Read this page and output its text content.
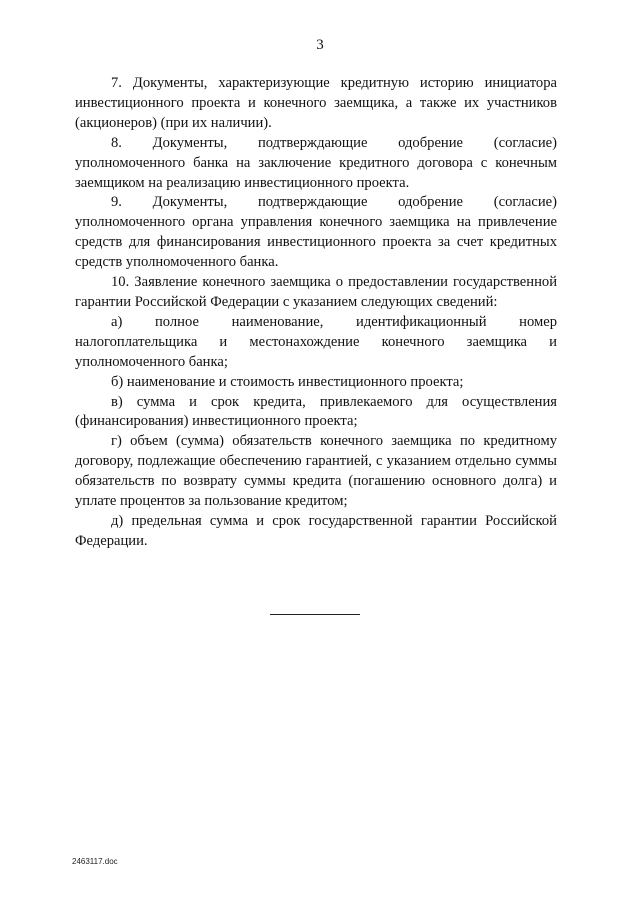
3

7. Документы, характеризующие кредитную историю инициатора инвестиционного проекта и конечного заемщика, а также их участников (акционеров) (при их наличии).

8. Документы, подтверждающие одобрение (согласие) уполномоченного банка на заключение кредитного договора с конечным заемщиком на реализацию инвестиционного проекта.

9. Документы, подтверждающие одобрение (согласие) уполномоченного органа управления конечного заемщика на привлечение средств для финансирования инвестиционного проекта за счет кредитных средств уполномоченного банка.

10. Заявление конечного заемщика о предоставлении государственной гарантии Российской Федерации с указанием следующих сведений:

а) полное наименование, идентификационный номер налогоплательщика и местонахождение конечного заемщика и уполномоченного банка;

б) наименование и стоимость инвестиционного проекта;

в) сумма и срок кредита, привлекаемого для осуществления (финансирования) инвестиционного проекта;

г) объем (сумма) обязательств конечного заемщика по кредитному договору, подлежащие обеспечению гарантией, с указанием отдельно суммы обязательств по возврату суммы кредита (погашению основного долга) и уплате процентов за пользование кредитом;

д) предельная сумма и срок государственной гарантии Российской Федерации.

2463117.doc
